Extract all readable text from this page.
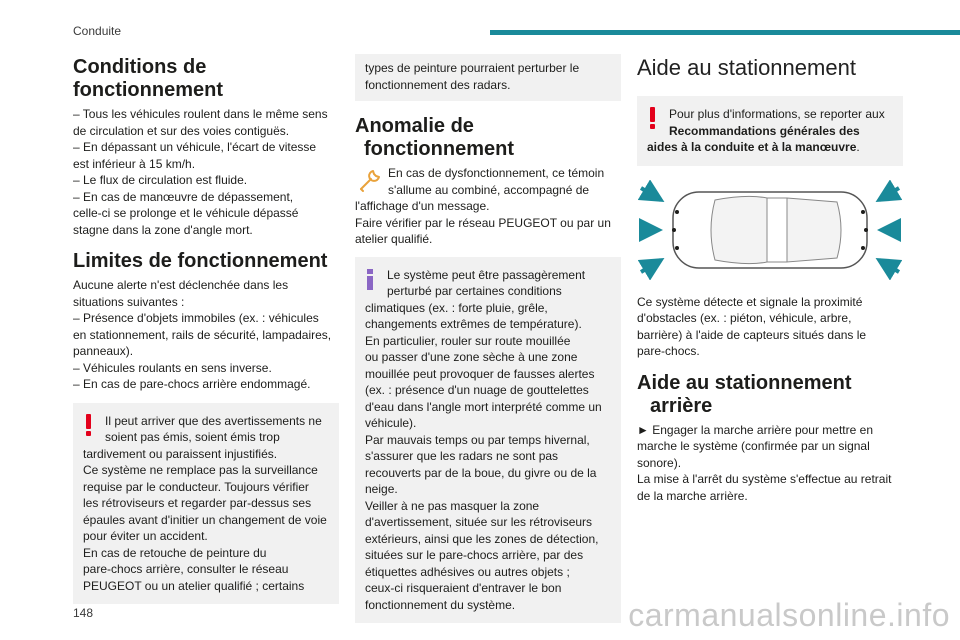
Conduite
Conditions de
fonctionnement

– Tous les véhicules roulent dans le même sens

de circulation et sur des voies contiguës.

– En dépassant un véhicule, l'écart de vitesse

est inférieur à 15 km/h.

– Le flux de circulation est fluide.

– En cas de manœuvre de dépassement,

celle-ci se prolonge et le véhicule dépassé

stagne dans la zone d'angle mort.

Limites de fonctionnement

Aucune alerte n'est déclenchée dans les

situations suivantes :

– Présence d'objets immobiles (ex. : véhicules

en stationnement, rails de sécurité, lampadaires,

panneaux).

– Véhicules roulants en sens inverse.

– En cas de pare-chocs arrière endommagé.

Il peut arriver que des avertissements ne

soient pas émis, soient émis trop

tardivement ou paraissent injustifiés.

Ce système ne remplace pas la surveillance

requise par le conducteur. Toujours vérifier

les rétroviseurs et regarder par-dessus ses

épaules avant d'initier un changement de voie

pour éviter un accident.

En cas de retouche de peinture du

pare-chocs arrière, consulter le réseau

PEUGEOT ou un atelier qualifié ; certains

types de peinture pourraient perturber le

fonctionnement des radars.

Anomalie de
fonctionnement

En cas de dysfonctionnement, ce témoin

s'allume au combiné, accompagné de

l'affichage d'un message.

Faire vérifier par le réseau PEUGEOT ou par un

atelier qualifié.

Le système peut être passagèrement

perturbé par certaines conditions

climatiques (ex. : forte pluie, grêle,

changements extrêmes de température).

En particulier, rouler sur route mouillée

ou passer d'une zone sèche à une zone

mouillée peut provoquer de fausses alertes

(ex. : présence d'un nuage de gouttelettes

d'eau dans l'angle mort interprété comme un

véhicule).

Par mauvais temps ou par temps hivernal,

s'assurer que les radars ne sont pas

recouverts par de la boue, du givre ou de la

neige.

Veiller à ne pas masquer la zone

d'avertissement, située sur les rétroviseurs

extérieurs, ainsi que les zones de détection,

situées sur le pare-chocs arrière, par des

étiquettes adhésives ou autres objets ;

ceux-ci risqueraient d'entraver le bon

fonctionnement du système.

Aide au stationnement

Pour plus d'informations, se reporter aux

Recommandations générales des

aides à la conduite et à la manœuvre.

Ce système détecte et signale la proximité

d'obstacles (ex. : piéton, véhicule, arbre,

barrière) à l'aide de capteurs situés dans le

pare-chocs.

Aide au stationnement
arrière

► Engager la marche arrière pour mettre en

marche le système (confirmée par un signal

sonore).

La mise à l'arrêt du système s'effectue au retrait

de la marche arrière.

148	carmanualsonline.info
